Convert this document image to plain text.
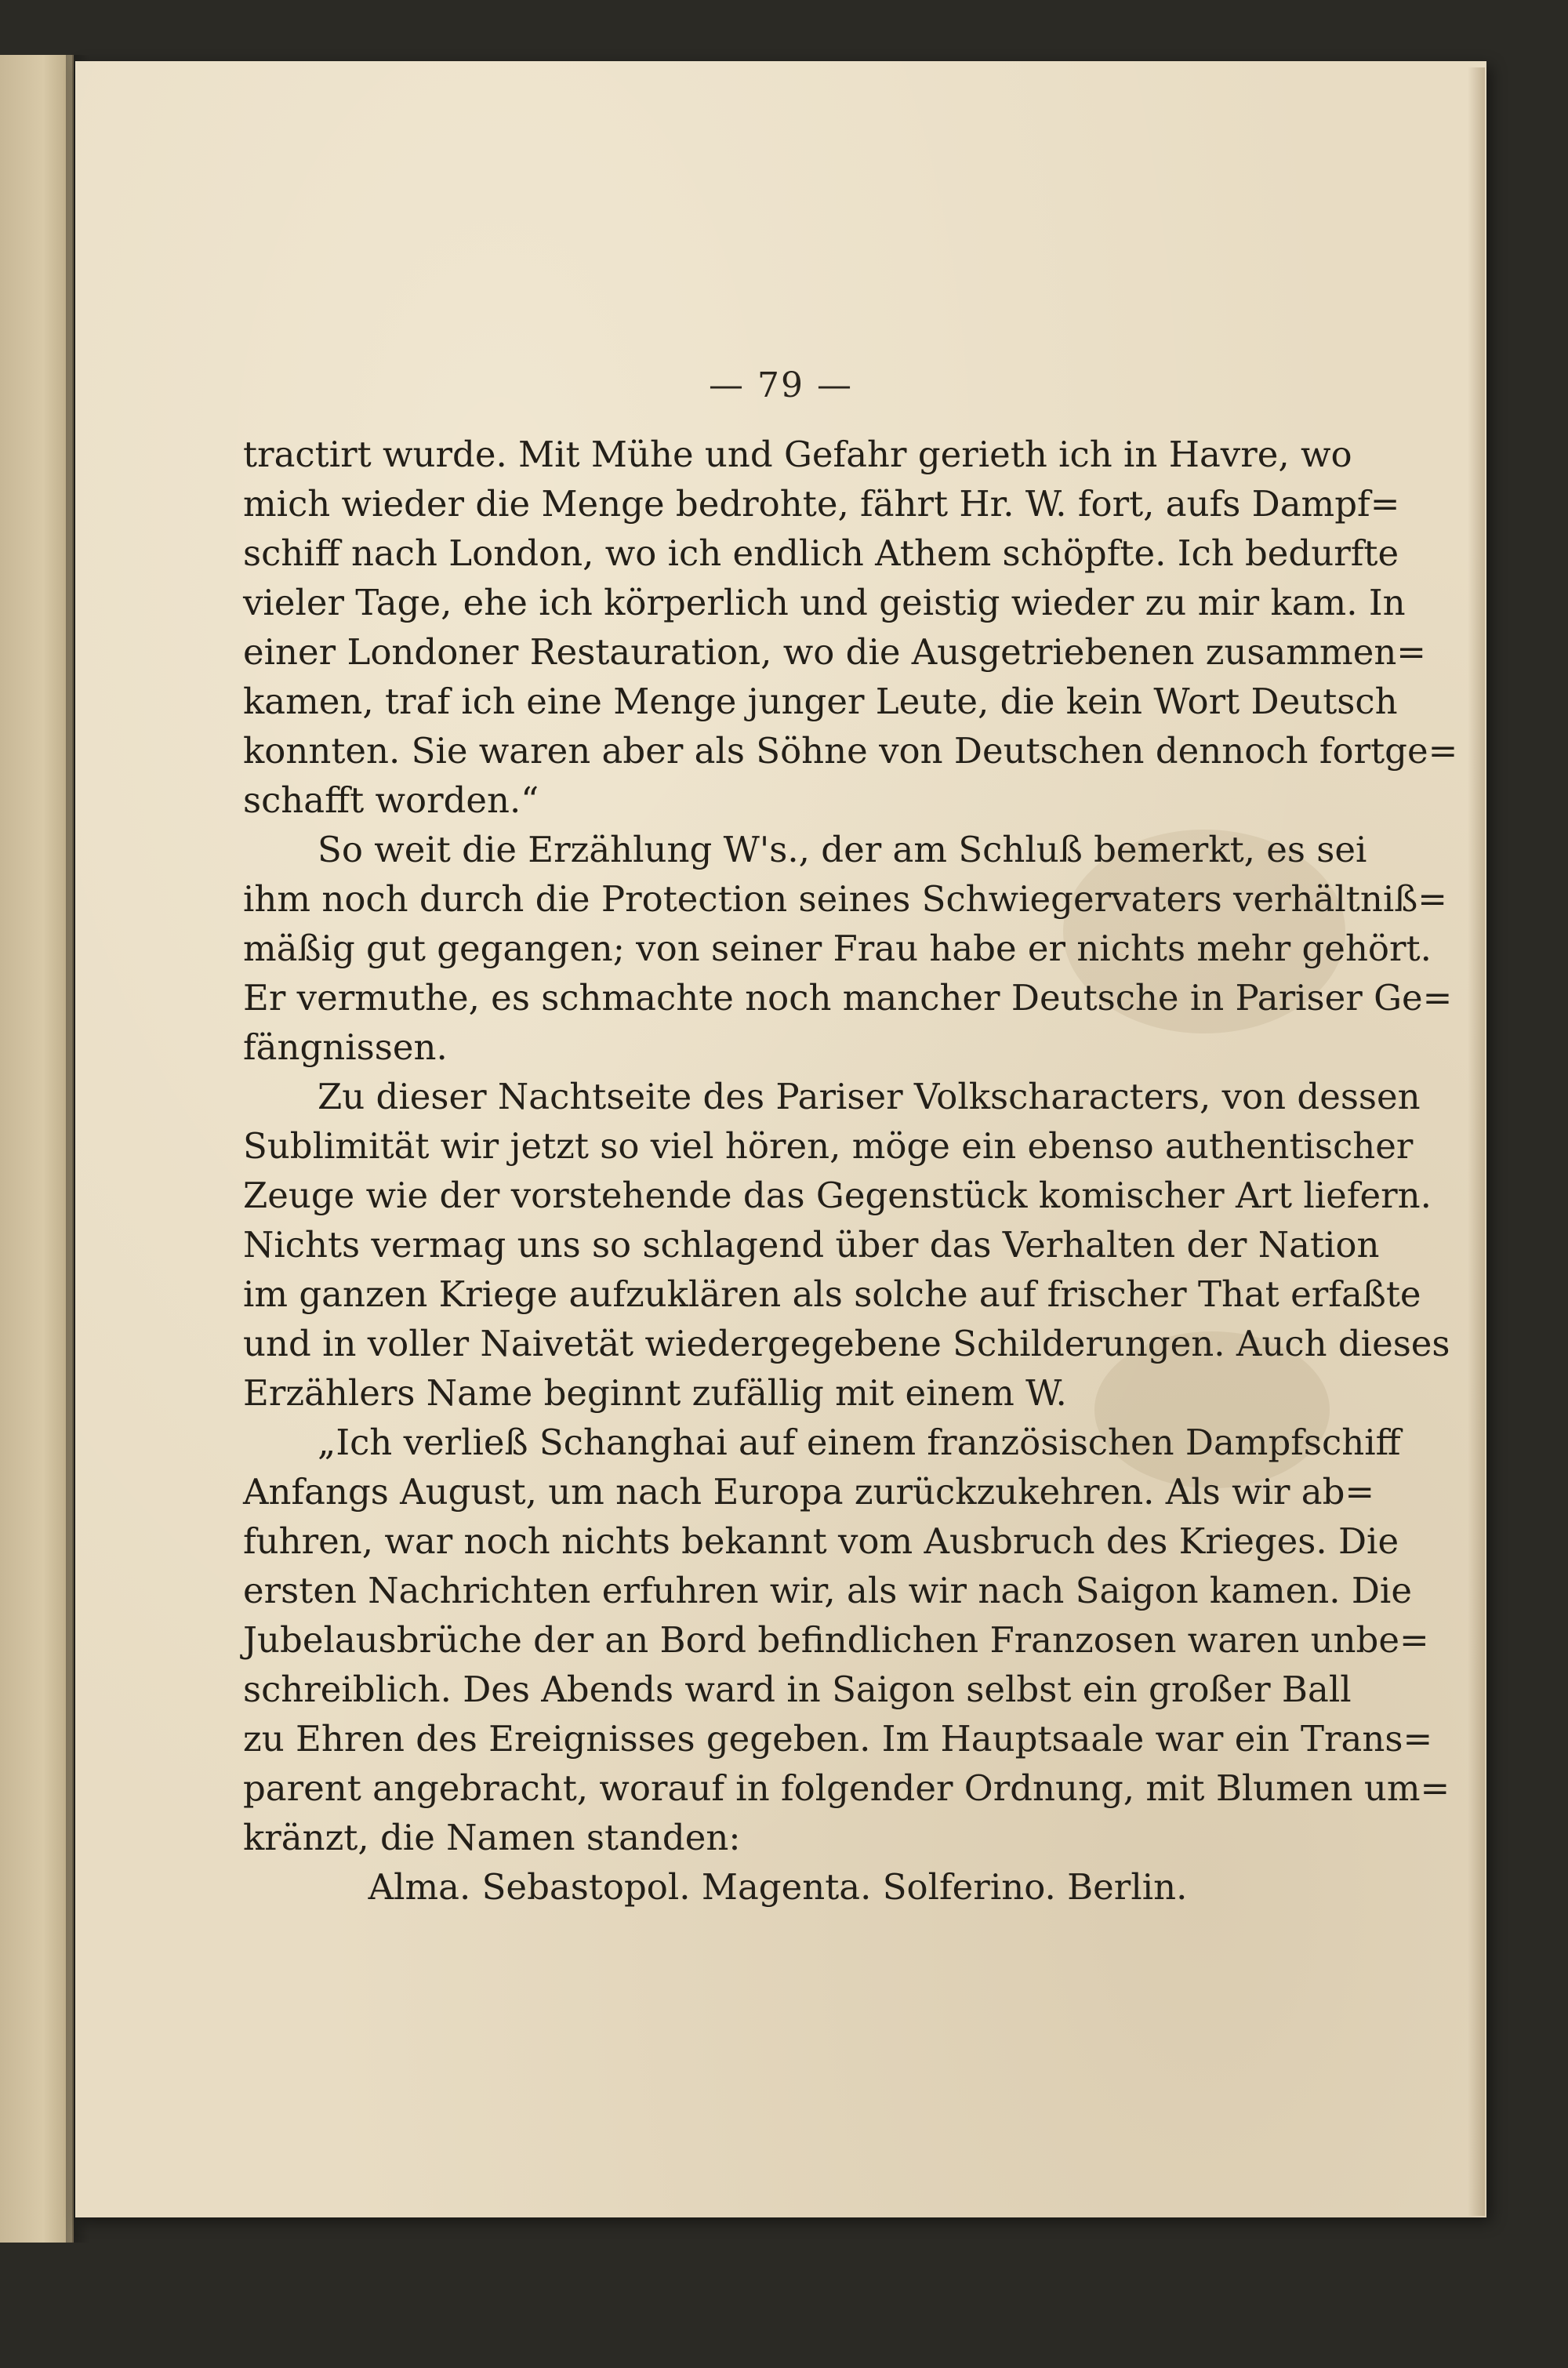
— 79 —
tractirt wurde. Mit Mühe und Gefahr gerieth ich in Havre, wo
mich wieder die Menge bedrohte, fährt Hr. W. fort, aufs Dampf=
schiff nach London, wo ich endlich Athem schöpfte. Ich bedurfte
vieler Tage, ehe ich körperlich und geistig wieder zu mir kam. In
einer Londoner Restauration, wo die Ausgetriebenen zusammen=
kamen, traf ich eine Menge junger Leute, die kein Wort Deutsch
konnten. Sie waren aber als Söhne von Deutschen dennoch fortge=
schafft worden.“
So weit die Erzählung W's., der am Schluß bemerkt, es sei
ihm noch durch die Protection seines Schwiegervaters verhältniß=
mäßig gut gegangen; von seiner Frau habe er nichts mehr gehört.
Er vermuthe, es schmachte noch mancher Deutsche in Pariser Ge=
fängnissen.
Zu dieser Nachtseite des Pariser Volkscharacters, von dessen
Sublimität wir jetzt so viel hören, möge ein ebenso authentischer
Zeuge wie der vorstehende das Gegenstück komischer Art liefern.
Nichts vermag uns so schlagend über das Verhalten der Nation
im ganzen Kriege aufzuklären als solche auf frischer That erfaßte
und in voller Naivetät wiedergegebene Schilderungen. Auch dieses
Erzählers Name beginnt zufällig mit einem W.
„Ich verließ Schanghai auf einem französischen Dampfschiff
Anfangs August, um nach Europa zurückzukehren. Als wir ab=
fuhren, war noch nichts bekannt vom Ausbruch des Krieges. Die
ersten Nachrichten erfuhren wir, als wir nach Saigon kamen. Die
Jubelausbrüche der an Bord befindlichen Franzosen waren unbe=
schreiblich. Des Abends ward in Saigon selbst ein großer Ball
zu Ehren des Ereignisses gegeben. Im Hauptsaale war ein Trans=
parent angebracht, worauf in folgender Ordnung, mit Blumen um=
kränzt, die Namen standen:
Alma. Sebastopol. Magenta. Solferino. Berlin.
